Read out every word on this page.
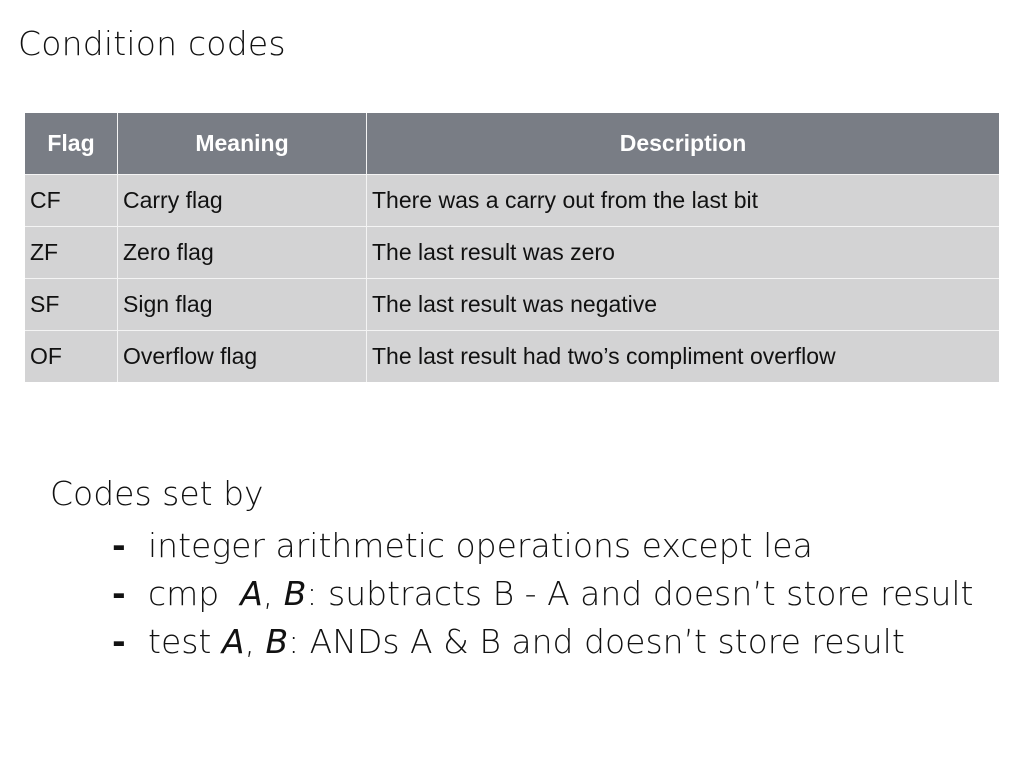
Condition codes
Flag	Meaning	Description
CF	Carry flag	There was a carry out from the last bit
ZF	Zero flag	The last result was zero
SF	Sign flag	The last result was negative
OF	Overflow flag	The last result had two’s compliment overflow
Codes set by
- integer arithmetic operations except lea
- cmp  A, B: subtracts B - A and doesn’t store result
- test A, B: ANDs A & B and doesn’t store result
